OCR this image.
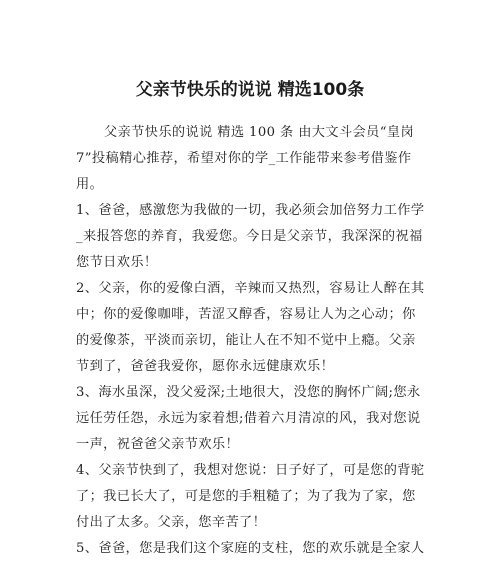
父亲节快乐的说说 精选100条
父亲节快乐的说说 精选 100 条 由大文斗会员“皇岗
7”投稿精心推荐，希望对你的学_工作能带来参考借鉴作
用。
1、爸爸，感激您为我做的一切，我必须会加倍努力工作学
_来报答您的养育，我爱您。今日是父亲节，我深深的祝福
您节日欢乐！
2、父亲，你的爱像白酒，辛辣而又热烈，容易让人醉在其
中；你的爱像咖啡，苦涩又醇香，容易让人为之心动；你
的爱像茶，平淡而亲切，能让人在不知不觉中上瘾。父亲
节到了，爸爸我爱你，愿你永远健康欢乐！
3、海水虽深，没父爱深;土地很大，没您的胸怀广阔;您永
远任劳任怨，永远为家着想;借着六月清凉的风，我对您说
一声，祝爸爸父亲节欢乐！
4、父亲节快到了，我想对您说：日子好了，可是您的背驼
了；我已长大了，可是您的手粗糙了；为了我为了家，您
付出了太多。父亲，您辛苦了！
5、爸爸，您是我们这个家庭的支柱，您的欢乐就是全家人
